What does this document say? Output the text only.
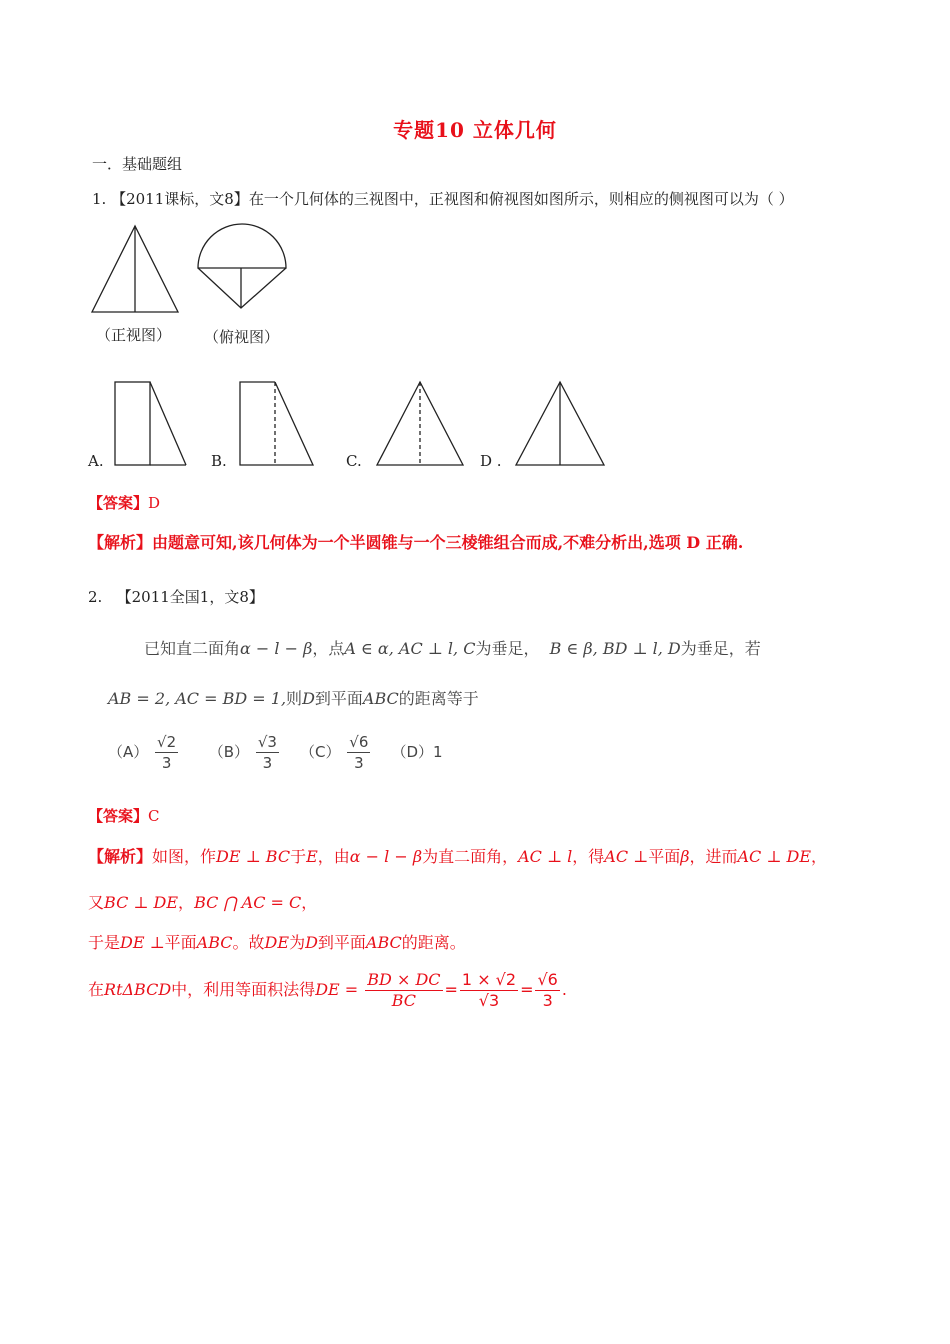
专题10 立体几何
一．基础题组
1. 【2011课标，文8】在一个几何体的三视图中，正视图和俯视图如图所示，则相应的侧视图可以为（ ）
（正视图） （俯视图）
A.	B.	C.	D .
【答案】D
【解析】由题意可知,该几何体为一个半圆锥与一个三棱锥组合而成,不难分析出,选项 D 正确.
2. 【2011全国1，文8】
已知直二面角α − l − β，点A ∈ α, AC ⊥ l, C为垂足， B ∈ β, BD ⊥ l, D为垂足，若
AB = 2, AC = BD = 1,则D到平面ABC的距离等于
$(A) \frac{√2}{3} (B) \frac{√3}{3} (C) \frac{√6}{3} (D)1$
【答案】C
【解析】如图，作DE ⊥ BC于E，由α − l − β为直二面角，AC ⊥ l，得AC ⊥平面β，进而AC ⊥ DE，
又BC ⊥ DE，BC ⋂ AC = C，
于是DE ⊥平面ABC。故DE为D到平面ABC的距离。
在RtΔBCD中，利用等面积法得DE = $\frac{BD \times DC}{BC} = \frac{1 \times √2}{√3} = \frac{√6}{3}$ .
